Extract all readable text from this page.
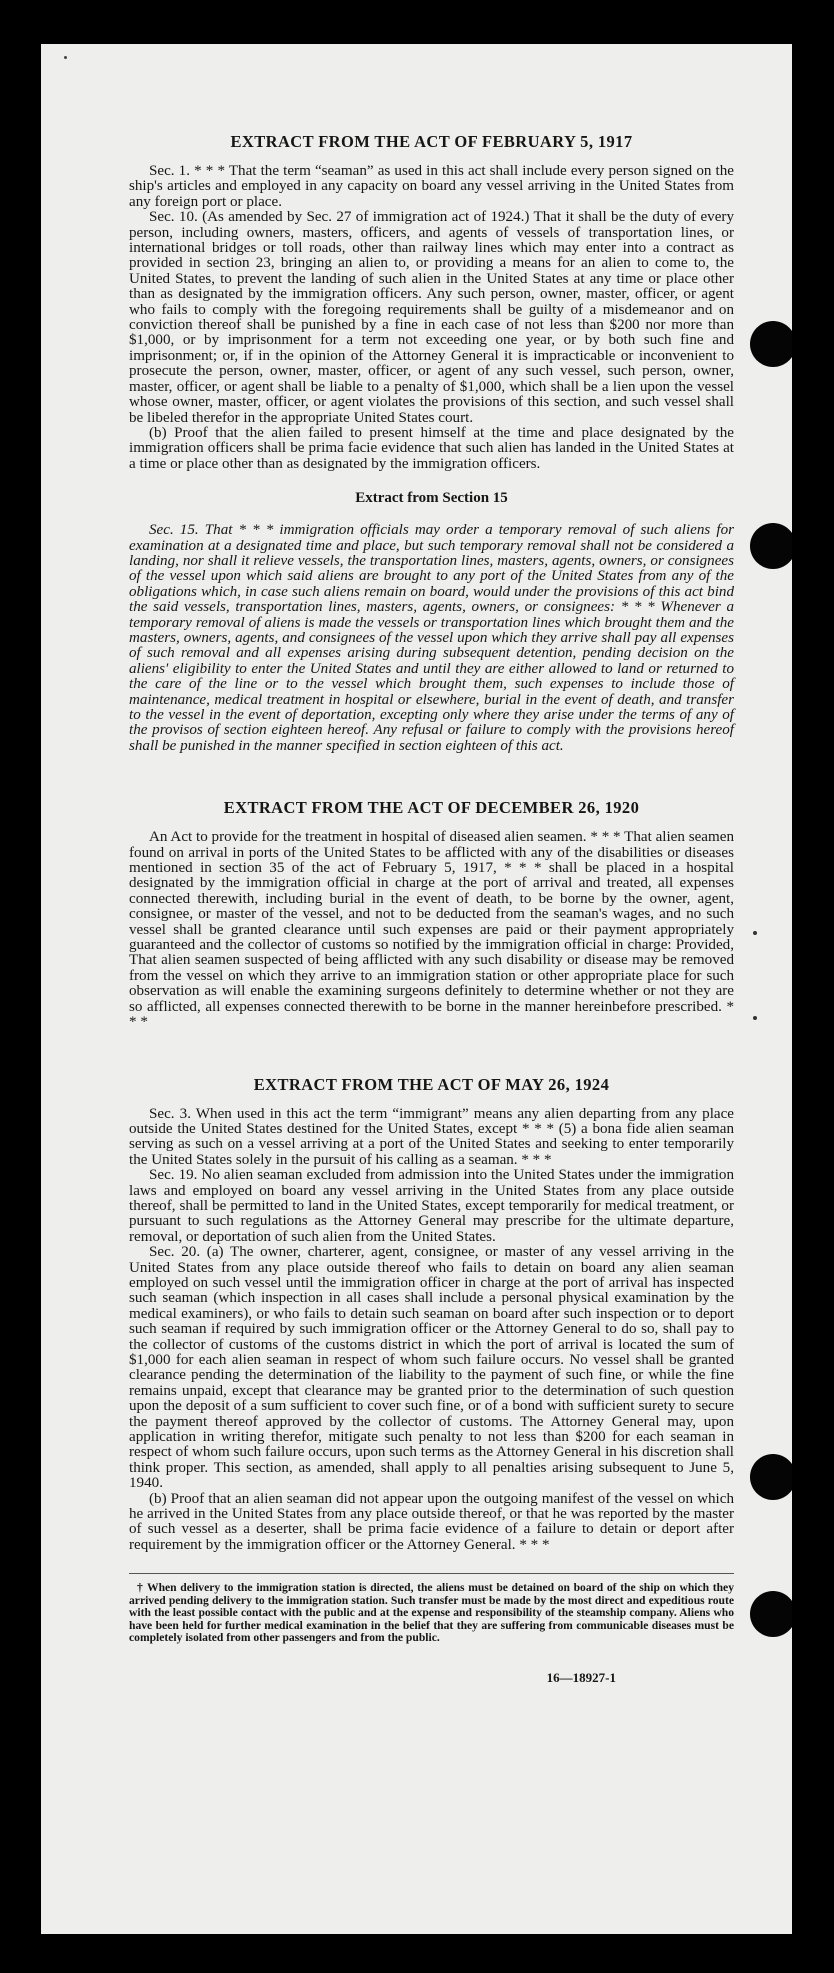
EXTRACT FROM THE ACT OF FEBRUARY 5, 1917

Sec. 1. * * * That the term “seaman” as used in this act shall include every person signed on the ship's articles and employed in any capacity on board any vessel arriving in the United States from any foreign port or place.

Sec. 10. (As amended by Sec. 27 of immigration act of 1924.) That it shall be the duty of every person, including owners, masters, officers, and agents of vessels of transportation lines, or international bridges or toll roads, other than railway lines which may enter into a contract as provided in section 23, bringing an alien to, or providing a means for an alien to come to, the United States, to prevent the landing of such alien in the United States at any time or place other than as designated by the immigration officers. Any such person, owner, master, officer, or agent who fails to comply with the foregoing requirements shall be guilty of a misdemeanor and on conviction thereof shall be punished by a fine in each case of not less than $200 nor more than $1,000, or by imprisonment for a term not exceeding one year, or by both such fine and imprisonment; or, if in the opinion of the Attorney General it is impracticable or inconvenient to prosecute the person, owner, master, officer, or agent of any such vessel, such person, owner, master, officer, or agent shall be liable to a penalty of $1,000, which shall be a lien upon the vessel whose owner, master, officer, or agent violates the provisions of this section, and such vessel shall be libeled therefor in the appropriate United States court.

(b) Proof that the alien failed to present himself at the time and place designated by the immigration officers shall be prima facie evidence that such alien has landed in the United States at a time or place other than as designated by the immigration officers.

Extract from Section 15

Sec. 15. That * * * immigration officials may order a temporary removal of such aliens for examination at a designated time and place, but such temporary removal shall not be considered a landing, nor shall it relieve vessels, the transportation lines, masters, agents, owners, or consignees of the vessel upon which said aliens are brought to any port of the United States from any of the obligations which, in case such aliens remain on board, would under the provisions of this act bind the said vessels, transportation lines, masters, agents, owners, or consignees: * * * Whenever a temporary removal of aliens is made the vessels or transportation lines which brought them and the masters, owners, agents, and consignees of the vessel upon which they arrive shall pay all expenses of such removal and all expenses arising during subsequent detention, pending decision on the aliens' eligibility to enter the United States and until they are either allowed to land or returned to the care of the line or to the vessel which brought them, such expenses to include those of maintenance, medical treatment in hospital or elsewhere, burial in the event of death, and transfer to the vessel in the event of deportation, excepting only where they arise under the terms of any of the provisos of section eighteen hereof. Any refusal or failure to comply with the provisions hereof shall be punished in the manner specified in section eighteen of this act.

EXTRACT FROM THE ACT OF DECEMBER 26, 1920

An Act to provide for the treatment in hospital of diseased alien seamen. * * * That alien seamen found on arrival in ports of the United States to be afflicted with any of the disabilities or diseases mentioned in section 35 of the act of February 5, 1917, * * * shall be placed in a hospital designated by the immigration official in charge at the port of arrival and treated, all expenses connected therewith, including burial in the event of death, to be borne by the owner, agent, consignee, or master of the vessel, and not to be deducted from the seaman's wages, and no such vessel shall be granted clearance until such expenses are paid or their payment appropriately guaranteed and the collector of customs so notified by the immigration official in charge: Provided, That alien seamen suspected of being afflicted with any such disability or disease may be removed from the vessel on which they arrive to an immigration station or other appropriate place for such observation as will enable the examining surgeons definitely to determine whether or not they are so afflicted, all expenses connected therewith to be borne in the manner hereinbefore prescribed. * * *

EXTRACT FROM THE ACT OF MAY 26, 1924

Sec. 3. When used in this act the term “immigrant” means any alien departing from any place outside the United States destined for the United States, except * * * (5) a bona fide alien seaman serving as such on a vessel arriving at a port of the United States and seeking to enter temporarily the United States solely in the pursuit of his calling as a seaman. * * *

Sec. 19. No alien seaman excluded from admission into the United States under the immigration laws and employed on board any vessel arriving in the United States from any place outside thereof, shall be permitted to land in the United States, except temporarily for medical treatment, or pursuant to such regulations as the Attorney General may prescribe for the ultimate departure, removal, or deportation of such alien from the United States.

Sec. 20. (a) The owner, charterer, agent, consignee, or master of any vessel arriving in the United States from any place outside thereof who fails to detain on board any alien seaman employed on such vessel until the immigration officer in charge at the port of arrival has inspected such seaman (which inspection in all cases shall include a personal physical examination by the medical examiners), or who fails to detain such seaman on board after such inspection or to deport such seaman if required by such immigration officer or the Attorney General to do so, shall pay to the collector of customs of the customs district in which the port of arrival is located the sum of $1,000 for each alien seaman in respect of whom such failure occurs. No vessel shall be granted clearance pending the determination of the liability to the payment of such fine, or while the fine remains unpaid, except that clearance may be granted prior to the determination of such question upon the deposit of a sum sufficient to cover such fine, or of a bond with sufficient surety to secure the payment thereof approved by the collector of customs. The Attorney General may, upon application in writing therefor, mitigate such penalty to not less than $200 for each seaman in respect of whom such failure occurs, upon such terms as the Attorney General in his discretion shall think proper. This section, as amended, shall apply to all penalties arising subsequent to June 5, 1940.

(b) Proof that an alien seaman did not appear upon the outgoing manifest of the vessel on which he arrived in the United States from any place outside thereof, or that he was reported by the master of such vessel as a deserter, shall be prima facie evidence of a failure to detain or deport after requirement by the immigration officer or the Attorney General. * * *

† When delivery to the immigration station is directed, the aliens must be detained on board of the ship on which they arrived pending delivery to the immigration station. Such transfer must be made by the most direct and expeditious route with the least possible contact with the public and at the expense and responsibility of the steamship company. Aliens who have been held for further medical examination in the belief that they are suffering from communicable diseases must be completely isolated from other passengers and from the public.

16—18927-1
